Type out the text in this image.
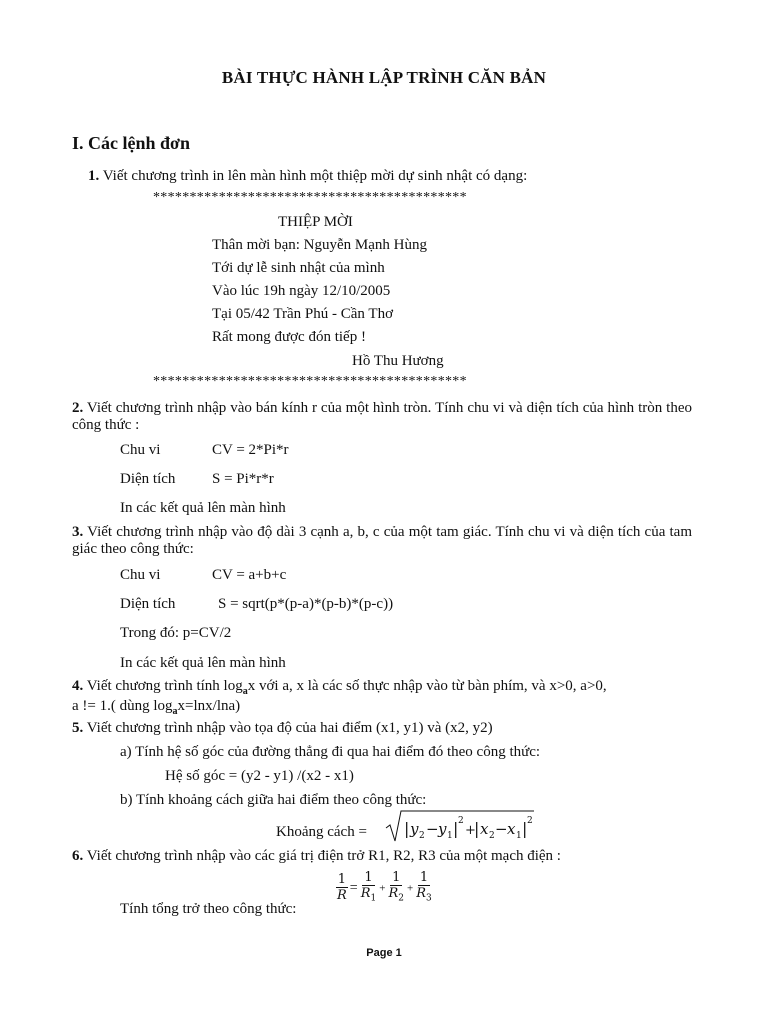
BÀI THỰC HÀNH LẬP TRÌNH CĂN BẢN
I. Các lệnh đơn
1. Viết chương trình in lên màn hình một thiệp mời dự sinh nhật có dạng:
*******************************************
THIỆP MỜI
Thân mời bạn: Nguyễn Mạnh Hùng
Tới dự lễ sinh nhật của mình
Vào lúc 19h ngày 12/10/2005
Tại 05/42 Trần Phú - Cần Thơ
Rất mong được đón tiếp !
Hồ Thu Hương
*******************************************
2. Viết chương trình nhập vào bán kính r của một hình tròn. Tính chu vi và diện tích của hình tròn theo công thức :
Chu vi	CV = 2*Pi*r
Diện tích S = Pi*r*r
In các kết quả lên màn hình
3. Viết chương trình nhập vào độ dài 3 cạnh a, b, c của một tam giác. Tính chu vi và diện tích của tam giác theo công thức:
Chu vi	CV = a+b+c
Diện tích	S = sqrt(p*(p-a)*(p-b)*(p-c))
Trong đó: p=CV/2
In các kết quả lên màn hình
4. Viết chương trình tính $\log_ax$ với a, x là các số thực nhập vào từ bàn phím, và x>0, a>0,
a != 1.( dùng $\log_ax=\ln x/\ln a$)
5. Viết chương trình nhập vào tọa độ của hai điểm (x1, y1) và (x2, y2)
a) Tính hệ số góc của đường thẳng đi qua hai điểm đó theo công thức:
Hệ số góc = (y2 - y1) /(x2 - x1)
b) Tính khoảng cách giữa hai điểm theo công thức:
Khoảng cách = | y 2 − y 1 | 2
+
| x 2 − x 1 | 2
6. Viết chương trình nhập vào các giá trị điện trở R1, R2, R3 của một mạch điện :
$\frac{1}{R} = \frac{1}{R_1} + \frac{1}{R_2} + \frac{1}{R_3}$
Tính tổng trở theo công thức:
Page 1
